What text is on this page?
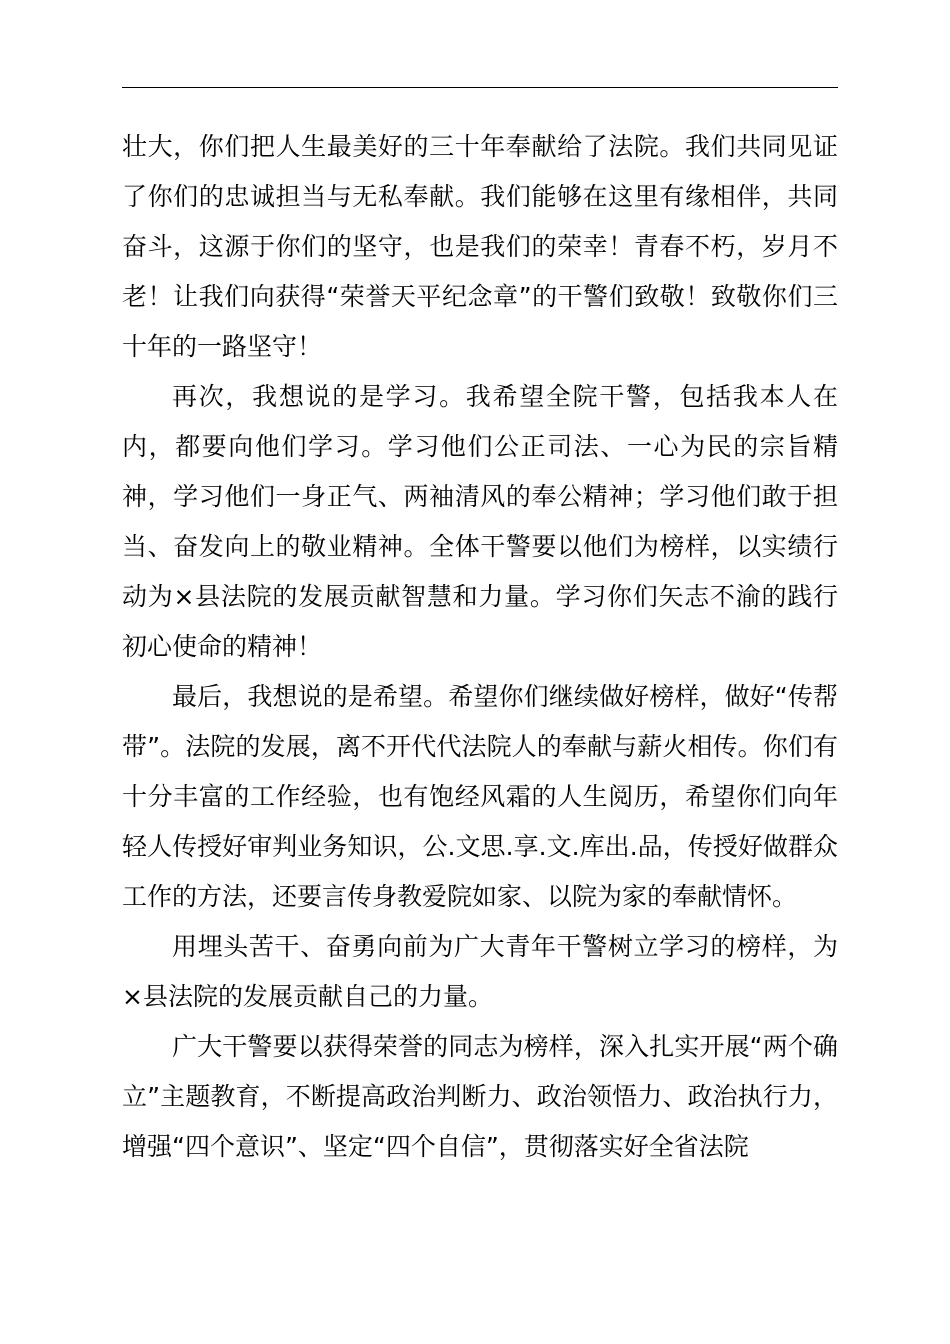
壮大，你们把人生最美好的三十年奉献给了法院。我们共同见证了你们的忠诚担当与无私奉献。我们能够在这里有缘相伴，共同奋斗，这源于你们的坚守，也是我们的荣幸！青春不朽，岁月不老！让我们向获得“荣誉天平纪念章”的干警们致敬！致敬你们三十年的一路坚守！

再次，我想说的是学习。我希望全院干警，包括我本人在内，都要向他们学习。学习他们公正司法、一心为民的宗旨精神，学习他们一身正气、两袖清风的奉公精神；学习他们敢于担当、奋发向上的敬业精神。全体干警要以他们为榜样，以实绩行动为×县法院的发展贡献智慧和力量。学习你们矢志不渝的践行初心使命的精神！

最后，我想说的是希望。希望你们继续做好榜样，做好“传帮带”。法院的发展，离不开代代法院人的奉献与薪火相传。你们有十分丰富的工作经验，也有饱经风霜的人生阅历，希望你们向年轻人传授好审判业务知识，公.文思.享.文.库出.品，传授好做群众工作的方法，还要言传身教爱院如家、以院为家的奉献情怀。

用埋头苦干、奋勇向前为广大青年干警树立学习的榜样，为×县法院的发展贡献自己的力量。

广大干警要以获得荣誉的同志为榜样，深入扎实开展“两个确立”主题教育，不断提高政治判断力、政治领悟力、政治执行力，增强“四个意识”、坚定“四个自信”，贯彻落实好全省法院
